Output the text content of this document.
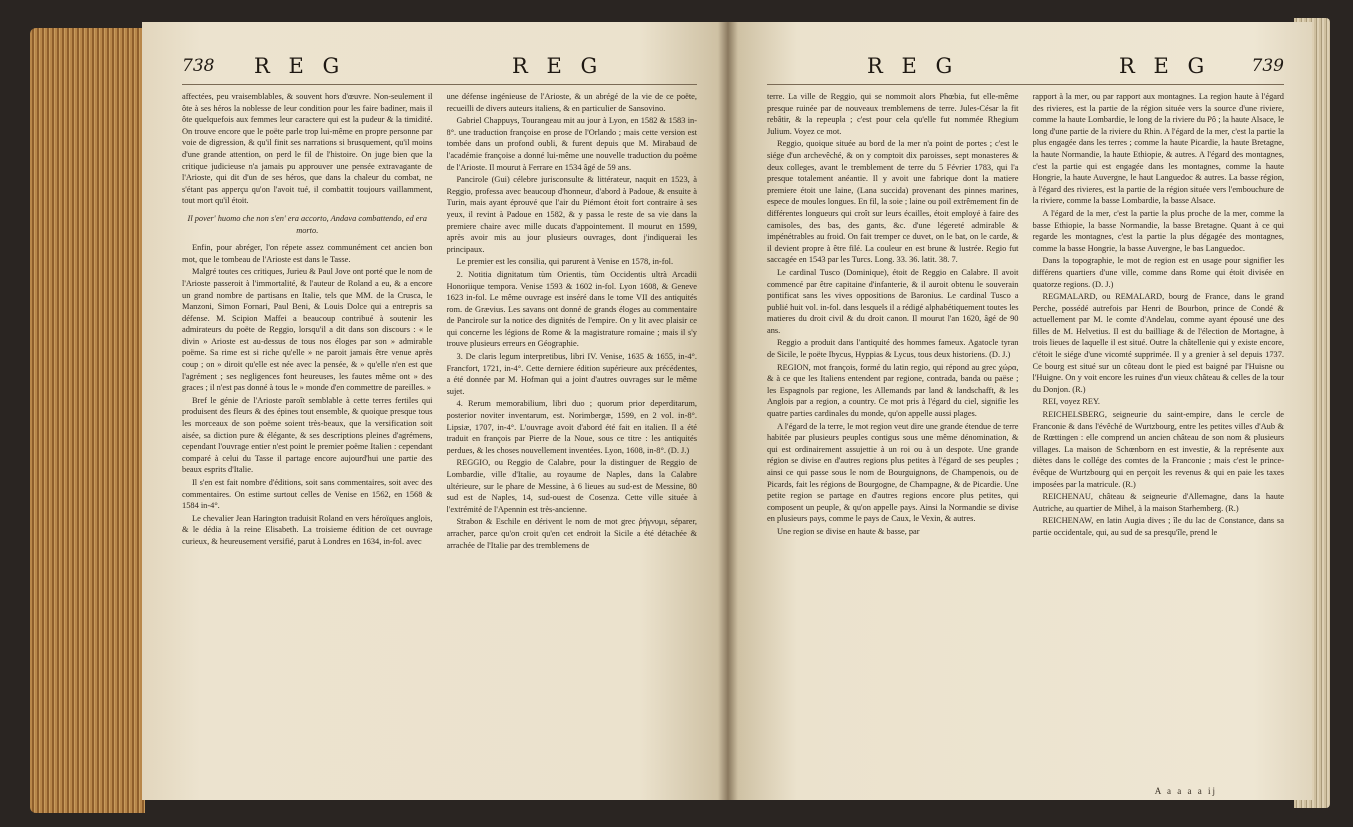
738 R E G	R E G

affectées, peu vraisemblables, & souvent hors d'œuvre. Non-seulement il ôte à ses héros la noblesse de leur condition pour les faire badiner, mais il ôte quelquefois aux femmes leur caractere qui est la pudeur & la timidité. On trouve encore que le poëte parle trop lui-même en propre personne par voie de digression, & qu'il finit ses narrations si brusquement, qu'il moins d'une grande attention, on perd le fil de l'histoire. On juge bien que la critique judicieuse n'a jamais pu approuver une pensée extravagante de l'Arioste, qui dit d'un de ses héros, que dans la chaleur du combat, ne s'étant pas apperçu qu'on l'avoit tué, il combattit toujours vaillamment, tout mort qu'il étoit.

Il pover' huomo che non s'en' era accorto, Andava combattendo, ed era morto.

Enfin, pour abréger, l'on répete assez communément cet ancien bon mot, que le tombeau de l'Arioste est dans le Tasse.

Malgré toutes ces critiques, Jurieu & Paul Jove ont porté que le nom de l'Arioste passeroit à l'immortalité, & l'auteur de Roland a eu, & a encore un grand nombre de partisans en Italie, tels que MM. de la Crusca, le Manzoni, Simon Fornari, Paul Beni, & Louis Dolce qui a entrepris sa défense. M. Scipion Maffei a beaucoup contribué à soutenir les admirateurs du poëte de Reggio, lorsqu'il a dit dans son discours : « le divin » Arioste est au-dessus de tous nos éloges par son » admirable poëme. Sa rime est si riche qu'elle » ne paroit jamais être venue après coup ; on » diroit qu'elle est née avec la pensée, & » qu'elle n'en est que l'agrément ; ses negligences font heureuses, les fautes même ont » des graces ; il n'est pas donné à tous le » monde d'en commettre de pareilles. »

Bref le génie de l'Arioste paroît semblable à cette terres fertiles qui produisent des fleurs & des épines tout ensemble, & quoique presque tous les morceaux de son poëme soient très-beaux, que la versification soit aisée, sa diction pure & élégante, & ses descriptions pleines d'agrémens, cependant l'ouvrage entier n'est point le premier poëme Italien : cependant comparé à celui du Tasse il partage encore aujourd'hui une partie des beaux esprits d'Italie.

Il s'en est fait nombre d'éditions, soit sans commentaires, soit avec des commentaires. On estime surtout celles de Venise en 1562, en 1568 & 1584 in-4°.

Le chevalier Jean Harington traduisit Roland en vers héroïques anglois, & le dédia à la reine Elisabeth. La troisieme édition de cet ouvrage curieux, & heureusement versifié, parut à Londres en 1634, in-fol. avec

une défense ingénieuse de l'Arioste, & un abrégé de la vie de ce poëte, recueilli de divers auteurs italiens, & en particulier de Sansovino.

Gabriel Chappuys, Tourangeau mit au jour à Lyon, en 1582 & 1583 in-8°. une traduction françoise en prose de l'Orlando ; mais cette version est tombée dans un profond oubli, & furent depuis que M. Mirabaud de l'académie françoise a donné lui-même une nouvelle traduction du poëme de l'Arioste. Il mourut à Ferrare en 1534 âgé de 59 ans.

Pancirole (Gui) célebre jurisconsulte & littérateur, naquit en 1523, à Reggio, professa avec beaucoup d'honneur, d'abord à Padoue, & ensuite à Turin, mais ayant éprouvé que l'air du Piémont étoit fort contraire à ses yeux, il revint à Padoue en 1582, & y passa le reste de sa vie dans la premiere chaire avec mille ducats d'appointement. Il mourut en 1599, après avoir mis au jour plusieurs ouvrages, dont j'indiquerai les principaux.

Le premier est les consilia, qui parurent à Venise en 1578, in-fol.

2. Notitia dignitatum tùm Orientis, tùm Occidentis ultrà Arcadii Honoriique tempora. Venise 1593 & 1602 in-fol. Lyon 1608, & Geneve 1623 in-fol. Le même ouvrage est inséré dans le tome VII des antiquités rom. de Grævius. Les savans ont donné de grands éloges au commentaire de Pancirole sur la notice des dignités de l'empire. On y lit avec plaisir ce qui concerne les légions de Rome & la magistrature romaine ; mais il s'y trouve plusieurs erreurs en Géographie.

3. De claris legum interpretibus, libri IV. Venise, 1635 & 1655, in-4°. Francfort, 1721, in-4°. Cette derniere édition supérieure aux précédentes, a été donnée par M. Hofman qui a joint d'autres ouvrages sur le même sujet.

4. Rerum memorabilium, libri duo ; quorum prior deperditarum, posterior noviter inventarum, est. Norimbergæ, 1599, en 2 vol. in-8°. Lipsiæ, 1707, in-4°. L'ouvrage avoit d'abord été fait en italien. Il a été traduit en françois par Pierre de la Noue, sous ce titre : les antiquités perdues, & les choses nouvellement inventées. Lyon, 1608, in-8°. (D. J.)

REGGIO, ou Reggio de Calabre, pour la distinguer de Reggio de Lombardie, ville d'Italie, au royaume de Naples, dans la Calabre ultérieure, sur le phare de Messine, à 6 lieues au sud-est de Messine, 80 sud est de Naples, 14, sud-ouest de Cosenza. Cette ville située à l'extrémité de l'Apennin est très-ancienne.

Strabon & Eschile en dérivent le nom de mot grec ῥήγνυμι, séparer, arracher, parce qu'on croit qu'en cet endroit la Sicile a été détachée & arrachée de l'Italie par des tremblemens de

R E G	R E G 739

terre. La ville de Reggio, qui se nommoit alors Phœbia, fut elle-même presque ruinée par de nouveaux tremblemens de terre. Jules-César la fit rebâtir, & la repeupla ; c'est pour cela qu'elle fut nommée Rhegium Julium. Voyez ce mot.

Reggio, quoique située au bord de la mer n'a point de portes ; c'est le siége d'un archevêché, & on y comptoit dix paroisses, sept monasteres & deux colleges, avant le tremblement de terre du 5 Février 1783, qui l'a presque totalement anéantie. Il y avoit une fabrique dont la matiere premiere étoit une laine, (Lana succida) provenant des pinnes marines, espece de moules longues. En fil, la soie ; laine ou poil extrêmement fin de différentes longueurs qui croît sur leurs écailles, étoit employé à faire des camisoles, des bas, des gants, &c. d'une légereté admirable & impénétrables au froid. On fait tremper ce duvet, on le bat, on le carde, & il devient propre à être filé. La couleur en est brune & lustrée. Regio fut saccagée en 1543 par les Turcs. Long. 33. 36. latit. 38. 7.

Le cardinal Tusco (Dominique), étoit de Reggio en Calabre. Il avoit commencé par être capitaine d'infanterie, & il auroit obtenu le souverain pontificat sans les vives oppositions de Baronius. Le cardinal Tusco a publié huit vol. in-fol. dans lesquels il a rédigé alphabétiquement toutes les matieres du droit civil & du droit canon. Il mourut l'an 1620, âgé de 90 ans.

Reggio a produit dans l'antiquité des hommes fameux. Agatocle tyran de Sicile, le poëte Ibycus, Hyppias & Lycus, tous deux historiens. (D. J.)

REGION, mot françois, formé du latin regio, qui répond au grec χώρα, & à ce que les Italiens entendent par regione, contrada, banda ou paëse ; les Espagnols par regione, les Allemands par land & landschafft, & les Anglois par a region, a country. Ce mot pris à l'égard du ciel, signifie les quatre parties cardinales du monde, qu'on appelle aussi plages.

A l'égard de la terre, le mot region veut dire une grande étendue de terre habitée par plusieurs peuples contigus sous une même dénomination, & qui est ordinairement assujettie à un roi ou à un despote. Une grande région se divise en d'autres regions plus petites à l'égard de ses peuples ; ainsi ce qui passe sous le nom de Bourguignons, de Champenois, ou de Picards, fait les régions de Bourgogne, de Champagne, & de Picardie. Une petite region se partage en d'autres regions encore plus petites, qui composent un peuple, & qu'on appelle pays. Ainsi la Normandie se divise en plusieurs pays, comme le pays de Caux, le Vexin, & autres.

Une region se divise en haute & basse, par

rapport à la mer, ou par rapport aux montagnes. La region haute à l'égard des rivieres, est la partie de la région située vers la source d'une riviere, comme la haute Lombardie, le long de la riviere du Pô ; la haute Alsace, le long d'une partie de la riviere du Rhin. A l'égard de la mer, c'est la partie la plus engagée dans les terres ; comme la haute Picardie, la haute Bretagne, la haute Normandie, la haute Ethiopie, & autres. A l'égard des montagnes, c'est la partie qui est engagée dans les montagnes, comme la haute Hongrie, la haute Auvergne, le haut Languedoc & autres. La basse région, à l'égard des rivieres, est la partie de la région située vers l'embouchure de la riviere, comme la basse Lombardie, la basse Alsace.

A l'égard de la mer, c'est la partie la plus proche de la mer, comme la basse Ethiopie, la basse Normandie, la basse Bretagne. Quant à ce qui regarde les montagnes, c'est la partie la plus dégagée des montagnes, comme la basse Hongrie, la basse Auvergne, le bas Languedoc.

Dans la topographie, le mot de region est en usage pour signifier les différens quartiers d'une ville, comme dans Rome qui étoit divisée en quatorze regions. (D. J.)

REGMALARD, ou REMALARD, bourg de France, dans le grand Perche, possédé autrefois par Henri de Bourbon, prince de Condé & actuellement par M. le comte d'Andelau, comme ayant épousé une des filles de M. Helvetius. Il est du bailliage & de l'élection de Mortagne, à trois lieues de laquelle il est situé. Outre la châtellenie qui y existe encore, c'étoit le siége d'une vicomté supprimée. Il y a grenier à sel depuis 1737. Ce bourg est situé sur un côteau dont le pied est baigné par l'Huisne ou l'Huigne. On y voit encore les ruines d'un vieux château & celles de la tour du Donjon. (R.)

REI, voyez REY.

REICHELSBERG, seigneurie du saint-empire, dans le cercle de Franconie & dans l'évêché de Wurtzbourg, entre les petites villes d'Aub & de Rœttingen : elle comprend un ancien château de son nom & plusieurs villages. La maison de Schœnborn en est investie, & la représente aux diètes dans le collége des comtes de la Franconie ; mais c'est le prince-évêque de Wurtzbourg qui en perçoit les revenus & qui en paie les taxes imposées par la matricule. (R.)

REICHENAU, château & seigneurie d'Allemagne, dans la haute Autriche, au quartier de Mihel, à la maison Starhemberg. (R.)

REICHENAW, en latin Augia dives ; île du lac de Constance, dans sa partie occidentale, qui, au sud de sa presqu'île, prend le

A a a a a ij
